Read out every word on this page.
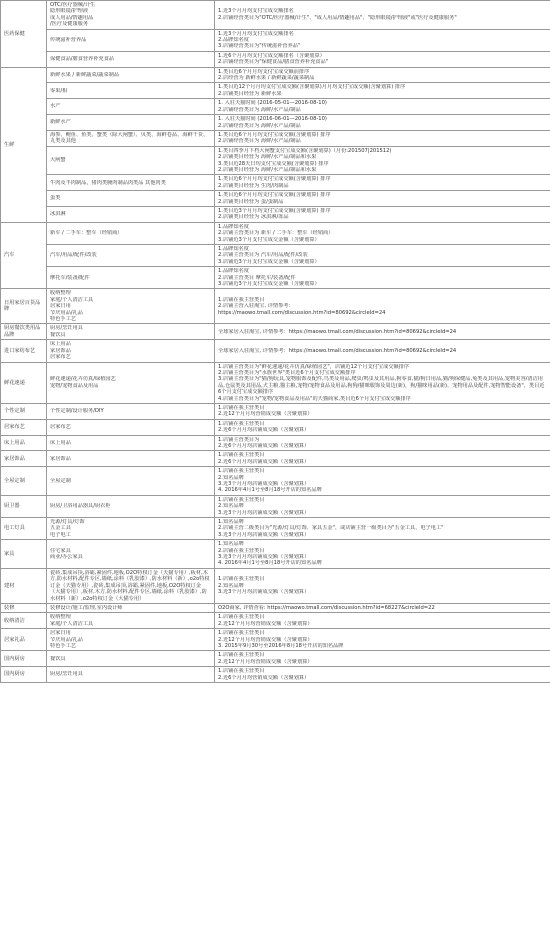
医药保健	OTC/医疗器械/计生
隐形眼镜/护理液
成人用品/情趣用品
/医疗及健康服务	1.近3个月月均支付宝成交额排名
2.店铺经营类目为"OTC/医疗器械/计生"、"成人用品/情趣用品"、"隐形眼镜/护理液"或"医疗及健康服务"

	传统滋补营养品	1.近3个月月均支付宝成交额排名
2.品牌知名度
3.店铺经营类目为"传统滋补营养品"

	保健食品/膳食营养补充食品	1.近6个月月均支付宝成交额排名（含聚划算）
2.店铺经营类目为"保健食品/膳食营养补充食品"

生鲜	新鲜水果 / 新鲜蔬菜/蔬菜制品	1.类目近6个月月均支付宝成交额前排序
2.店经营为 新鲜水果 / 新鲜蔬菜/蔬菜制品

	零果/相	1.类目近12个月月均支付宝成交额(含聚划算)月月均支付宝成交额(含聚划算) 排序
2.店铺类目经营为 新鲜水果

	水产	1. 入驻天猫时间 (2016-05-01—2016-08-10)
2.店铺经营类目为 海鲜/水产品/制品

	新鲜水产	1. 入驻天猫时间 (2016-06-01—2016-08-10)
2.店铺经营类目为 海鲜/水产品/制品

	海参、鲍鱼、鱼类、蟹类（除大闸蟹）、贝类、海鲜卷品、海鲜干货、丸类及其他	1.类目近6个月月均支付宝成交额(含聚划算) 排序
2.店铺经营类目为 海鲜/水产品/制品

	大闸蟹	1.类目四季月下档大闸蟹支付宝成交额(含聚划算)（月份:201507|201512)
2.店铺类目经营为 海鲜/水产品/制品和水果
3.类目近28天日均支付宝成交额(含聚划算) 排序
2.店铺类目经营为 海鲜/水产品/制品和水果

	牛肉及羊肉制品，猪肉类腌肉制品肉类品 其他肉类	1.类目近6个月月均支付宝成交额(含聚划算) 排序
2.店铺类目经营为 生肉/肉制品

	蛋类	1.类目近6个月月均支付宝成交额(含聚划算) 排序
2.店铺类目经营为 蛋/蛋制品

	冰淇淋	1.类目近3个月月均支付宝成交额(含聚划算) 排序
2.店铺类目经营为 冰淇淋/冻品

汽车	新车 / 二手车：整车（经销商）	1.品牌知名度
2.店铺主营类目为 新车 / 二手车：整车（经销商）
3.店铺近3个月支付宝成交金额（含聚划算）

	汽车/用品/配件/改装	1.品牌知名度
2.店铺主营类目为 汽车/用品/配件/改装
3.店铺近3个月支付宝成交金额（含聚划算）

	摩托车/装备/配件	1.品牌知名度
2.店铺主营类目 摩托车/装备/配件
3.店铺近3个月支付宝成交金额（含聚划算）

日用家居百货品牌	收纳整理
家庭/个人清洁工具
居家日用
节庆用品/礼品
特色手工艺	1.店铺在我主营类目
2.店铺主营入驻淘宝, 详情参考：
https://maowo.tmall.com/discussion.htm?id=80692&circleId=24

厨房餐饮类用品品牌	厨房/烹饪用具
餐饮具	全球家居入驻淘宝, 详情参考：https://maowo.tmall.com/discussion.htm?id=80692&circleId=24

进口家纺布艺	床上用品
家居饰品
居家布艺	全球家居入驻淘宝, 详情参考：https://maowo.tmall.com/discussion.htm?id=80692&circleId=24

鲜花速递	鲜花速递/花卉仿真/绿植园艺
宠物/宠物食品及用品	1.店铺主营类目为"鲜花速递/花卉仿真/绿植园艺"，店铺近12个月支付宝成交额排序
2.店铺主营类目为"水族世界"类目近6个月支付宝成交额排序
3.店铺主营类目为"猫/狗玩具,宠物服饰及配件,鸟类及用品,爬虫/鸣虫及其用品,狗零食,猫/狗日用品,猫/狗保健品,兔类及其用品,宠物美容/清洁用品,仓鼠类及其用品,犬主粮,猫主粮,宠物/宠物食品及用品,狗狗/猫咪服饰及周边(新)，狗/猫咪用品(新)，宠物用品及配件,宠物智能设备"，类目近6个月支付宝成交额排序
4.店铺主营类目为"宠物/宠物食品及用品"的天猫商家,类目近6个月支付宝成交额排序

个性定制	个性定制/设计服务/DIY	1.店铺在我主营类目
2.近12个月月均营销成交额（含聚划算）

居家布艺	居家布艺	1.店铺在我主营类目
2.近6个月月均店铺成交额（含聚划算）

床上用品	床上用品	1.店铺主营类目为
2.近6个月月均店铺成交额（含聚划算）

家居饰品	家居饰品	1.店铺在我主营类目
2.近6个月月均店铺成交额（含聚划算）

全屋定制	全屋定制	1.店铺在我主营类目
2.知名品牌
3.近3个月月均店铺成交额（含聚划算）
4. 2016年4月1号至8月18号开店的知名品牌

厨卫器	厨房/卫浴用品器具/厨衣柜	1.店铺在我主营类目
2.知名品牌
3.近3个月月均店铺成交额（含聚划算）

电工灯具	光源/灯具/灯饰
五金工具
电子电工	1.知名品牌
2.店铺主营二级类目为"光源/灯具/灯饰、家具五金"，或店铺主营一级类目为"五金工具、电子电工"
3.近3个月月均店铺成交额（含聚划算）

家具	住宅家具
商业/办公家具	1.知名品牌
2.店铺在我主营类目
3.近3个月月均店铺成交额（含聚划算）
4. 2016年4月1号至8月18号开店的知名品牌

建材	瓷砖,集成吊顶,浴霸,紧固件,地板,O2O特权订金（天猫专用）,板材,木方,防水材料,配件专区,墙纸,涂料（乳胶漆）,防水材料（新）,o2o特权订金（天猫专用）,瓷砖,集成吊顶,浴霸,紧固件,地板,O2O特权订金（大猫专用）,板材,木方,防水材料,配件专区,墙纸,涂料（乳胶漆）,防水材料（新）,o2o特权订金（大猫专用）	1.店铺在我主营类目
2.知名品牌
3.近3个月月均店铺成交额（含聚划算）

装修	装修设计/施工/监理,室内设计师	O2O商家, 详情查看: https://maowo.tmall.com/discussion.htm?id=68227&circleId=22

收纳清洁	收纳整理
家庭/个人清洁工具	1.店铺在我主营类目
2.近12个月月均营销成交额（含聚划算）

居家礼品	居家日用
节庆用品/礼品
特色手工艺	1.店铺在我主营类目
2.近12个月月均营销成交额（含聚划算）
3. 2015年9月30号至2016年8月18号开店的知名品牌

国内厨房	餐饮具	1.店铺在我主营类目
2.近12个月月均营销成交额（含聚划算）

国内厨房	厨房/烹饪用具	1.店铺在我主营类目
2.近6个月月均营销成交额（含聚划算）
